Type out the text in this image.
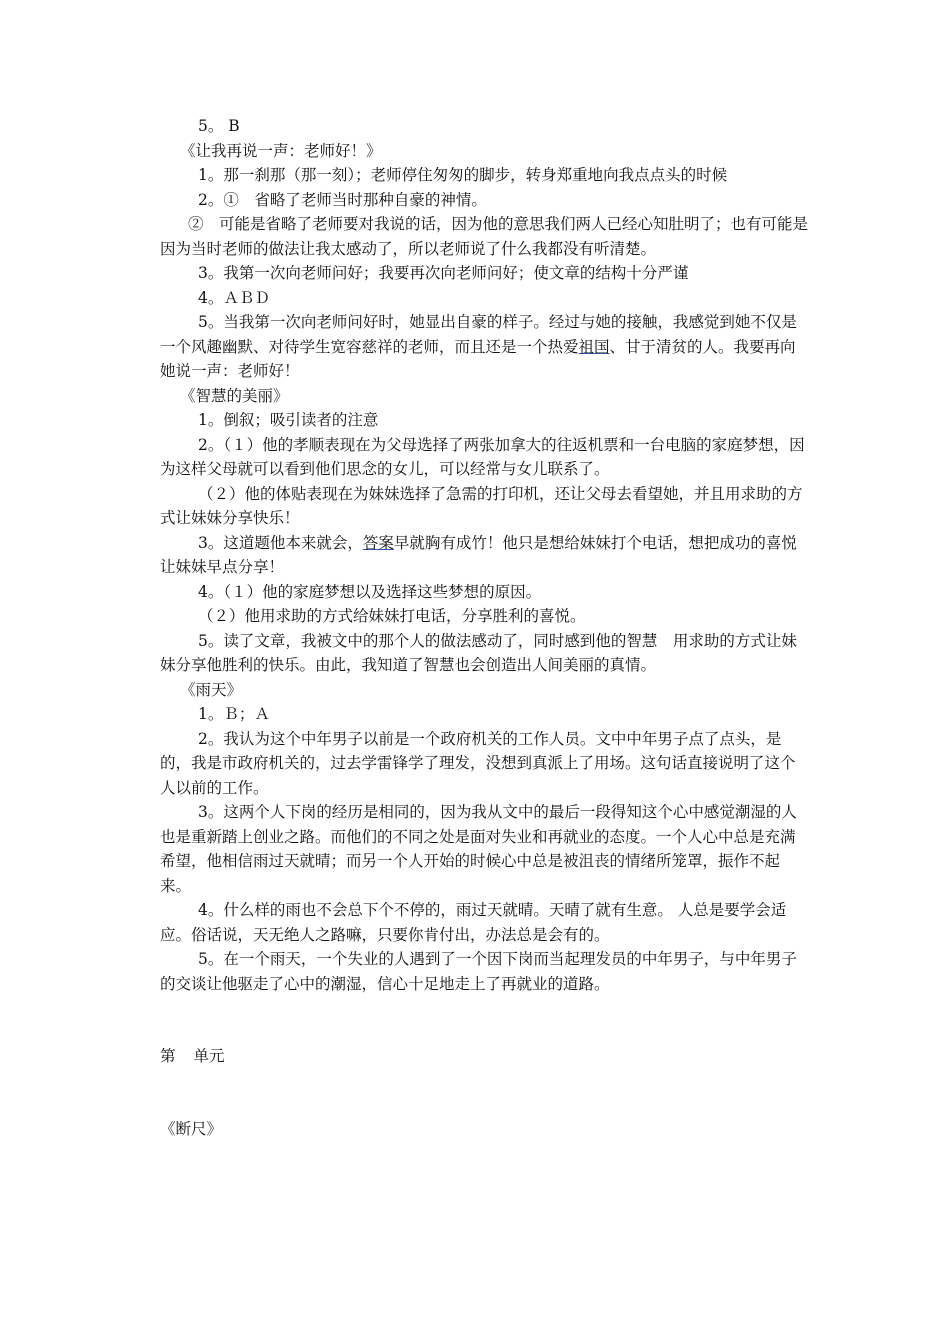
5。 B

《让我再说一声：老师好！》

1。那一刹那（那一刻）；老师停住匆匆的脚步，转身郑重地向我点点头的时候

2。①　省略了老师当时那种自豪的神情。

②　可能是省略了老师要对我说的话，因为他的意思我们两人已经心知肚明了；也有可能是因为当时老师的做法让我太感动了，所以老师说了什么我都没有听清楚。

3。我第一次向老师问好；我要再次向老师问好；使文章的结构十分严谨

4。ＡＢＤ

5。当我第一次向老师问好时，她显出自豪的样子。经过与她的接触，我感觉到她不仅是一个风趣幽默、对待学生宽容慈祥的老师，而且还是一个热爱祖国、甘于清贫的人。我要再向她说一声：老师好！

《智慧的美丽》

1。倒叙；吸引读者的注意

2。（１）他的孝顺表现在为父母选择了两张加拿大的往返机票和一台电脑的家庭梦想，因为这样父母就可以看到他们思念的女儿，可以经常与女儿联系了。

（２）他的体贴表现在为妹妹选择了急需的打印机，还让父母去看望她，并且用求助的方式让妹妹分享快乐！

3。这道题他本来就会，答案早就胸有成竹！他只是想给妹妹打个电话，想把成功的喜悦让妹妹早点分享！

4。（１）他的家庭梦想以及选择这些梦想的原因。

（２）他用求助的方式给妹妹打电话，分享胜利的喜悦。

5。读了文章，我被文中的那个人的做法感动了，同时感到他的智慧　用求助的方式让妹妹分享他胜利的快乐。由此，我知道了智慧也会创造出人间美丽的真情。

《雨天》

1。Ｂ；Ａ

2。我认为这个中年男子以前是一个政府机关的工作人员。文中中年男子点了点头，是的，我是市政府机关的，过去学雷锋学了理发，没想到真派上了用场。这句话直接说明了这个人以前的工作。

3。这两个人下岗的经历是相同的，因为我从文中的最后一段得知这个心中感觉潮湿的人也是重新踏上创业之路。而他们的不同之处是面对失业和再就业的态度。一个人心中总是充满希望，他相信雨过天就晴；而另一个人开始的时候心中总是被沮丧的情绪所笼罩，振作不起来。

4。什么样的雨也不会总下个不停的，雨过天就晴。天晴了就有生意。 人总是要学会适应。俗话说，天无绝人之路嘛，只要你肯付出，办法总是会有的。

5。在一个雨天，一个失业的人遇到了一个因下岗而当起理发员的中年男子，与中年男子的交谈让他驱走了心中的潮湿，信心十足地走上了再就业的道路。

第 单元

《断尺》
